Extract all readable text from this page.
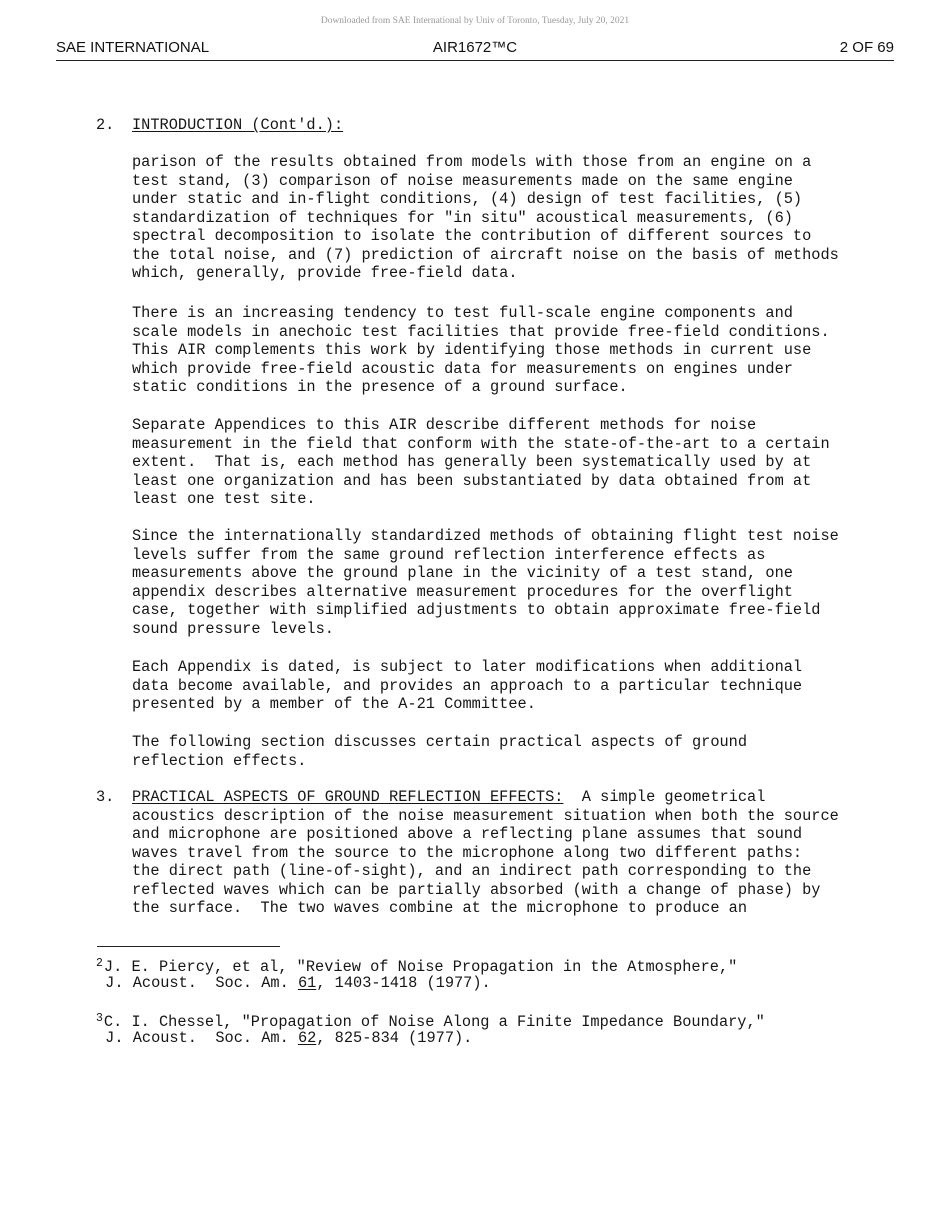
Downloaded from SAE International by Univ of Toronto, Tuesday, July 20, 2021
SAE INTERNATIONAL	AIR1672™C	2 OF 69
2. INTRODUCTION (Cont'd.):
parison of the results obtained from models with those from an engine on a
test stand, (3) comparison of noise measurements made on the same engine
under static and in-flight conditions, (4) design of test facilities, (5)
standardization of techniques for "in situ" acoustical measurements, (6)
spectral decomposition to isolate the contribution of different sources to
the total noise, and (7) prediction of aircraft noise on the basis of methods
which, generally, provide free-field data.
There is an increasing tendency to test full-scale engine components and
scale models in anechoic test facilities that provide free-field conditions.
This AIR complements this work by identifying those methods in current use
which provide free-field acoustic data for measurements on engines under
static conditions in the presence of a ground surface.
Separate Appendices to this AIR describe different methods for noise
measurement in the field that conform with the state-of-the-art to a certain
extent.  That is, each method has generally been systematically used by at
least one organization and has been substantiated by data obtained from at
least one test site.
Since the internationally standardized methods of obtaining flight test noise
levels suffer from the same ground reflection interference effects as
measurements above the ground plane in the vicinity of a test stand, one
appendix describes alternative measurement procedures for the overflight
case, together with simplified adjustments to obtain approximate free-field
sound pressure levels.
Each Appendix is dated, is subject to later modifications when additional
data become available, and provides an approach to a particular technique
presented by a member of the A-21 Committee.
The following section discusses certain practical aspects of ground
reflection effects.
3. PRACTICAL ASPECTS OF GROUND REFLECTION EFFECTS:  A simple geometrical
acoustics description of the noise measurement situation when both the source
and microphone are positioned above a reflecting plane assumes that sound
waves travel from the source to the microphone along two different paths:
the direct path (line-of-sight), and an indirect path corresponding to the
reflected waves which can be partially absorbed (with a change of phase) by
the surface.  The two waves combine at the microphone to produce an
$^2$J. E. Piercy, et al, "Review of Noise Propagation in the Atmosphere,"
J. Acoust.  Soc. Am. 61, 1403-1418 (1977).
$^3$C. I. Chessel, "Propagation of Noise Along a Finite Impedance Boundary,"
J. Acoust.  Soc. Am. 62, 825-834 (1977).
